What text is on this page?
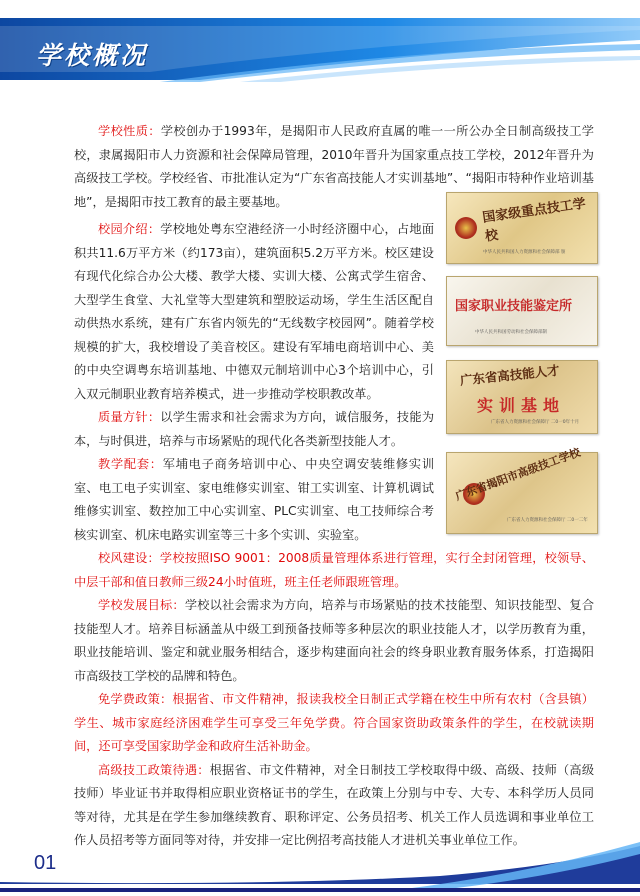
学校概况

学校性质：学校创办于1993年，是揭阳市人民政府直属的唯一一所公办全日制高级技工学校，隶属揭阳市人力资源和社会保障局管理，2010年晋升为国家重点技工学校，2012年晋升为高级技工学校。学校经省、市批准认定为“广东省高技能人才实训基地”、“揭阳市特种作业培训基地”，是揭阳市技工教育的最主要基地。

校园介绍：学校地处粤东空港经济一小时经济圈中心，占地面积共11.6万平方米（约173亩），建筑面积5.2万平方米。校区建设有现代化综合办公大楼、教学大楼、实训大楼、公寓式学生宿舍、大型学生食堂、大礼堂等大型建筑和塑胶运动场，学生生活区配自动供热水系统，建有广东省内领先的“无线数字校园网”。随着学校规模的扩大，我校增设了美音校区。建设有军埔电商培训中心、美的中央空调粤东培训基地、中德双元制培训中心3个培训中心，引入双元制职业教育培养模式，进一步推动学校职教改革。

质量方针：以学生需求和社会需求为方向，诚信服务，技能为本，与时俱进，培养与市场紧贴的现代化各类新型技能人才。

教学配套：军埔电子商务培训中心、中央空调安装维修实训室、电工电子实训室、家电维修实训室、钳工实训室、计算机调试维修实训室、数控加工中心实训室、PLC实训室、电工技师综合考核实训室、机床电路实训室等三十多个实训、实验室。

校风建设：学校按照ISO 9001：2008质量管理体系进行管理，实行全封闭管理，校领导、中层干部和值日教师三级24小时值班，班主任老师跟班管理。

学校发展目标：学校以社会需求为方向，培养与市场紧贴的技术技能型、知识技能型、复合技能型人才。培养目标涵盖从中级工到预备技师等多种层次的职业技能人才，以学历教育为重，职业技能培训、鉴定和就业服务相结合，逐步构建面向社会的终身职业教育服务体系，打造揭阳市高级技工学校的品牌和特色。

免学费政策：根据省、市文件精神，报读我校全日制正式学籍在校生中所有农村（含县镇）学生、城市家庭经济困难学生可享受三年免学费。符合国家资助政策条件的学生，在校就读期间，还可享受国家助学金和政府生活补助金。

高级技工政策待遇：根据省、市文件精神，对全日制技工学校取得中级、高级、技师（高级技师）毕业证书并取得相应职业资格证书的学生，在政策上分别与中专、大专、本科学历人员同等对待，尤其是在学生参加继续教育、职称评定、公务员招考、机关工作人员选调和事业单位工作人员招考等方面同等对待，并安排一定比例招考高技能人才进机关事业单位工作。

国家级重点技工学校
中华人民共和国人力资源和社会保障部 颁
国家职业技能鉴定所
中华人民共和国劳动和社会保障部制
广东省高技能人才
实训基地
广东省人力资源和社会保障厅 二0一0年十月
广东省揭阳市高级技工学校
广东省人力资源和社会保障厅 二0一二年
01
